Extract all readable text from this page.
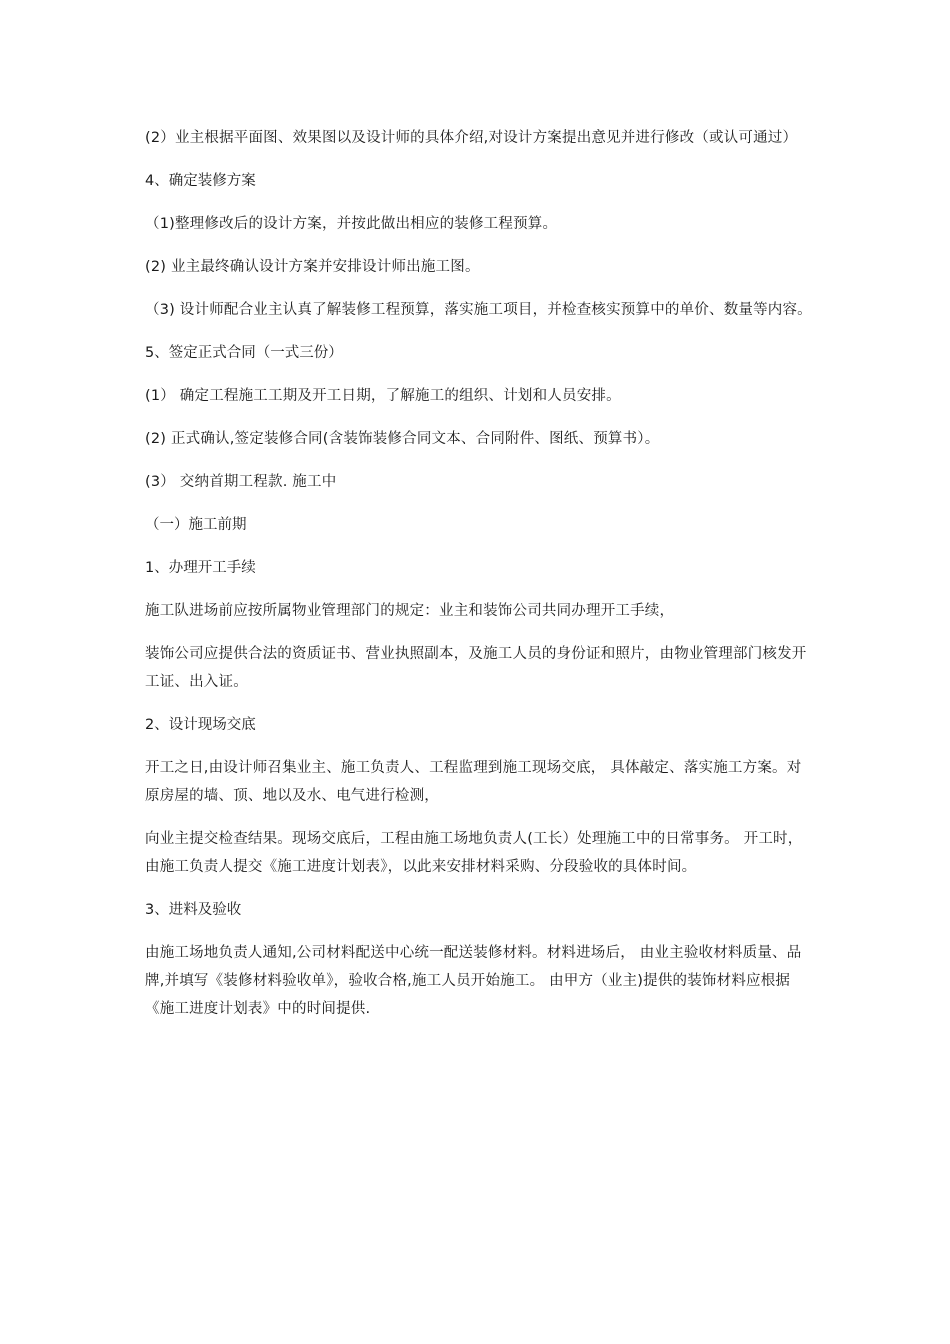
(2）业主根据平面图、效果图以及设计师的具体介绍,对设计方案提出意见并进行修改（或认可通过）

4、确定装修方案

（1)整理修改后的设计方案，并按此做出相应的装修工程预算。

(2) 业主最终确认设计方案并安排设计师出施工图。

（3) 设计师配合业主认真了解装修工程预算，落实施工项目，并检查核实预算中的单价、数量等内容。

5、签定正式合同（一式三份）

(1） 确定工程施工工期及开工日期，了解施工的组织、计划和人员安排。

(2) 正式确认,签定装修合同(含装饰装修合同文本、合同附件、图纸、预算书）。

(3） 交纳首期工程款. 施工中

（一）施工前期

1、办理开工手续

施工队进场前应按所属物业管理部门的规定：业主和装饰公司共同办理开工手续，

装饰公司应提供合法的资质证书、营业执照副本，及施工人员的身份证和照片，由物业管理部门核发开工证、出入证。

2、设计现场交底

开工之日,由设计师召集业主、施工负责人、工程监理到施工现场交底， 具体敲定、落实施工方案。对原房屋的墙、顶、地以及水、电气进行检测，

向业主提交检查结果。现场交底后，工程由施工场地负责人(工长）处理施工中的日常事务。 开工时，由施工负责人提交《施工进度计划表》，以此来安排材料采购、分段验收的具体时间。

3、进料及验收

由施工场地负责人通知,公司材料配送中心统一配送装修材料。材料进场后， 由业主验收材料质量、品牌,并填写《装修材料验收单》，验收合格,施工人员开始施工。 由甲方（业主)提供的装饰材料应根据《施工进度计划表》中的时间提供.
